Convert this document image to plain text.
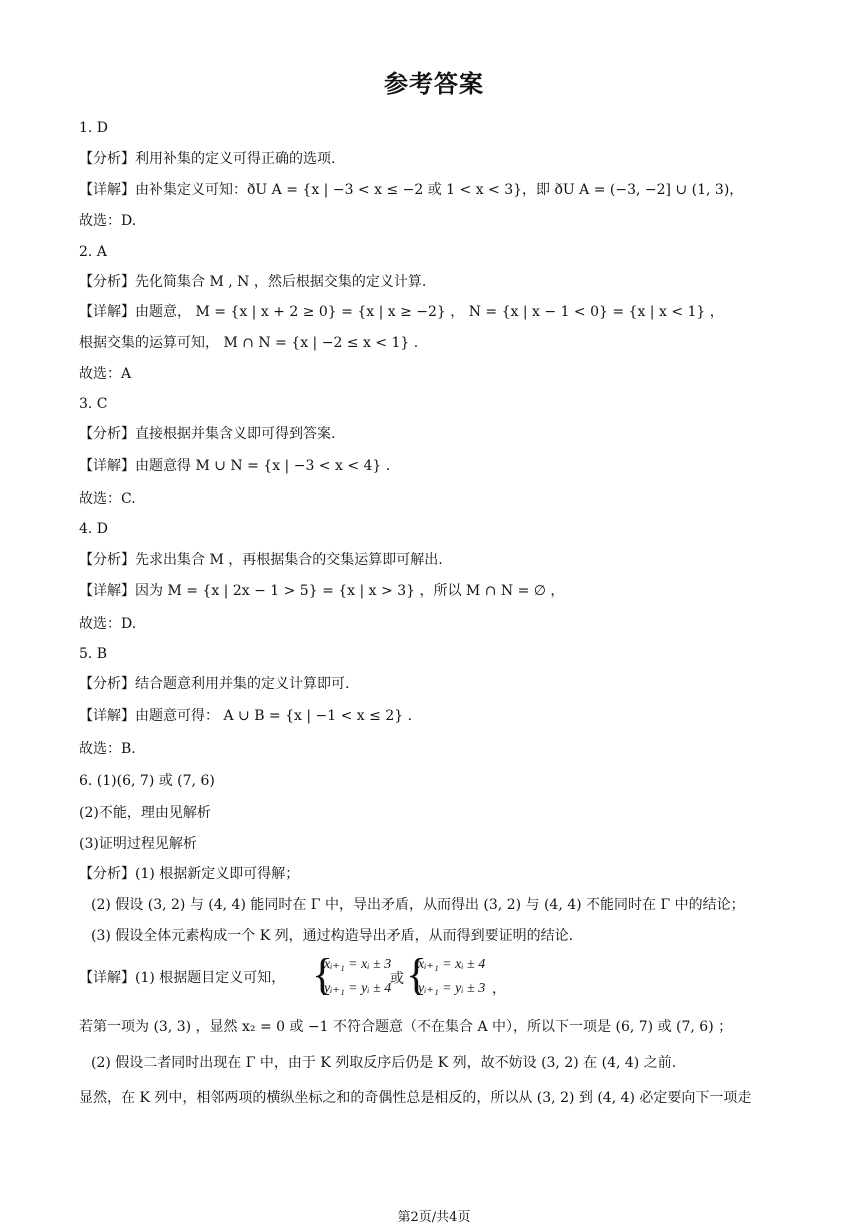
参考答案
1. D
【分析】利用补集的定义可得正确的选项.
【详解】由补集定义可知：ðU A = {x | −3 < x ≤ −2 或 1 < x < 3}，即 ðU A = (−3, −2] ∪ (1, 3)，
故选：D.
2. A
【分析】先化简集合 M , N ，然后根据交集的定义计算.
【详解】由题意， M = {x | x + 2 ≥ 0} = {x | x ≥ −2} ， N = {x | x − 1 < 0} = {x | x < 1} ，
根据交集的运算可知， M ∩ N = {x | −2 ≤ x < 1} .
故选：A
3. C
【分析】直接根据并集含义即可得到答案.
【详解】由题意得 M ∪ N = {x | −3 < x < 4} .
故选：C.
4. D
【分析】先求出集合 M ，再根据集合的交集运算即可解出.
【详解】因为 M = {x | 2x − 1 > 5} = {x | x > 3} ，所以 M ∩ N = ∅ ，
故选：D.
5. B
【分析】结合题意利用并集的定义计算即可.
【详解】由题意可得： A ∪ B = {x | −1 < x ≤ 2} .
故选：B.
6. (1)(6, 7) 或 (7, 6)
(2)不能，理由见解析
(3)证明过程见解析
【分析】(1) 根据新定义即可得解；
(2) 假设 (3, 2) 与 (4, 4) 能同时在 Γ 中，导出矛盾，从而得出 (3, 2) 与 (4, 4) 不能同时在 Γ 中的结论；
(3) 假设全体元素构成一个 K 列，通过构造导出矛盾，从而得到要证明的结论.
【详解】(1) 根据题目定义可知， {
xᵢ₊₁ = xᵢ ± 3
yᵢ₊₁ = yᵢ ± 4
或 {
xᵢ₊₁ = xᵢ ± 4
yᵢ₊₁ = yᵢ ± 3 ，
若第一项为 (3, 3) ，显然 x₂ = 0 或 −1 不符合题意（不在集合 A 中），所以下一项是 (6, 7) 或 (7, 6) ；
(2) 假设二者同时出现在 Γ 中，由于 K 列取反序后仍是 K 列，故不妨设 (3, 2) 在 (4, 4) 之前.
显然，在 K 列中，相邻两项的横纵坐标之和的奇偶性总是相反的，所以从 (3, 2) 到 (4, 4) 必定要向下一项走
第2页/共4页
